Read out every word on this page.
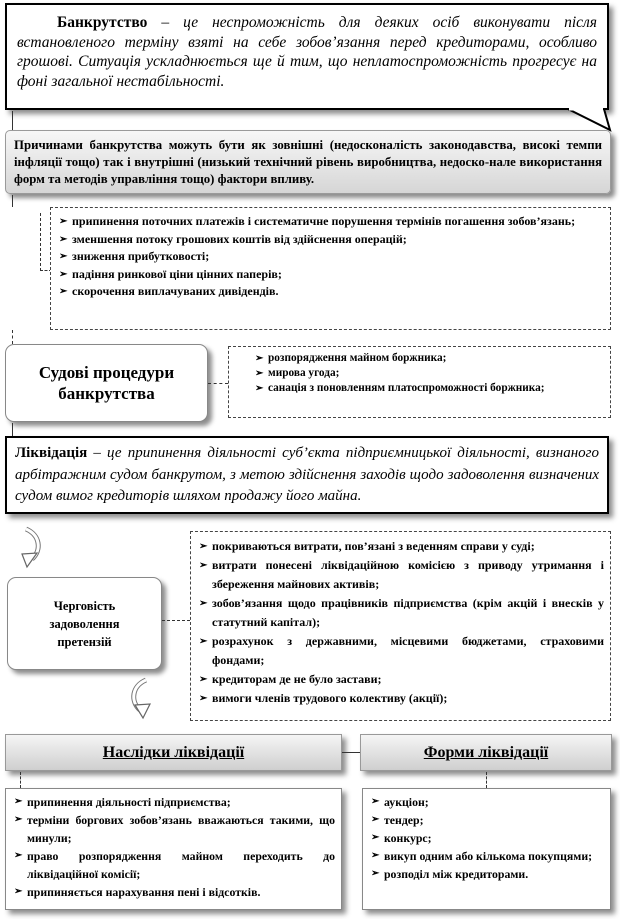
Банкрутство – це неспроможність для деяких осіб виконувати після встановленого терміну взяті на себе зобов’язання перед кредиторами, особливо грошові. Ситуація ускладнюється ще й тим, що неплатоспроможність прогресує на фоні загальної нестабільності.
Причинами банкрутства можуть бути як зовнішні (недосконалість законодавства, високі темпи інфляції тощо) так і внутрішні (низький технічний рівень виробництва, недоско-нале використання форм та методів управління тощо) фактори впливу.
➢ припинення поточних платежів і систематичне порушення термінів погашення зобов’язань;
➢ зменшення потоку грошових коштів від здійснення операцій;
➢ зниження прибутковості;
➢ падіння ринкової ціни цінних паперів;
➢ скорочення виплачуваних дивідендів.
Судові процедури банкрутства
➢ розпорядження майном боржника;
➢ мирова угода;
➢ санація з поновленням платоспроможності боржника;
Ліквідація – це припинення діяльності суб’єкта підприємницької діяльності, визнаного арбітражним судом банкрутом, з метою здійснення заходів щодо задоволення визначених судом вимог кредиторів шляхом продажу його майна.
Черговість задоволення претензій
➢ покриваються витрати, пов’язані з веденням справи у суді;
➢ витрати понесені ліквідаційною комісією з приводу утримання і збереження майнових активів;
➢ зобов’язання щодо працівників підприємства (крім акцій і внесків у статутний капітал);
➢ розрахунок з державними, місцевими бюджетами, страховими фондами;
➢ кредиторам де не було застави;
➢ вимоги членів трудового колективу (акції);
Наслідки ліквідації	Форми ліквідації
➢ припинення діяльності підприємства;
➢ терміни боргових зобов’язань вважаються такими, що минули;
➢ право розпорядження майном переходить до ліквідаційної комісії;
➢ припиняється нарахування пені і відсотків.
➢ аукціон;
➢ тендер;
➢ конкурс;
➢ викуп одним або кількома покупцями;
➢ розподіл між кредиторами.
